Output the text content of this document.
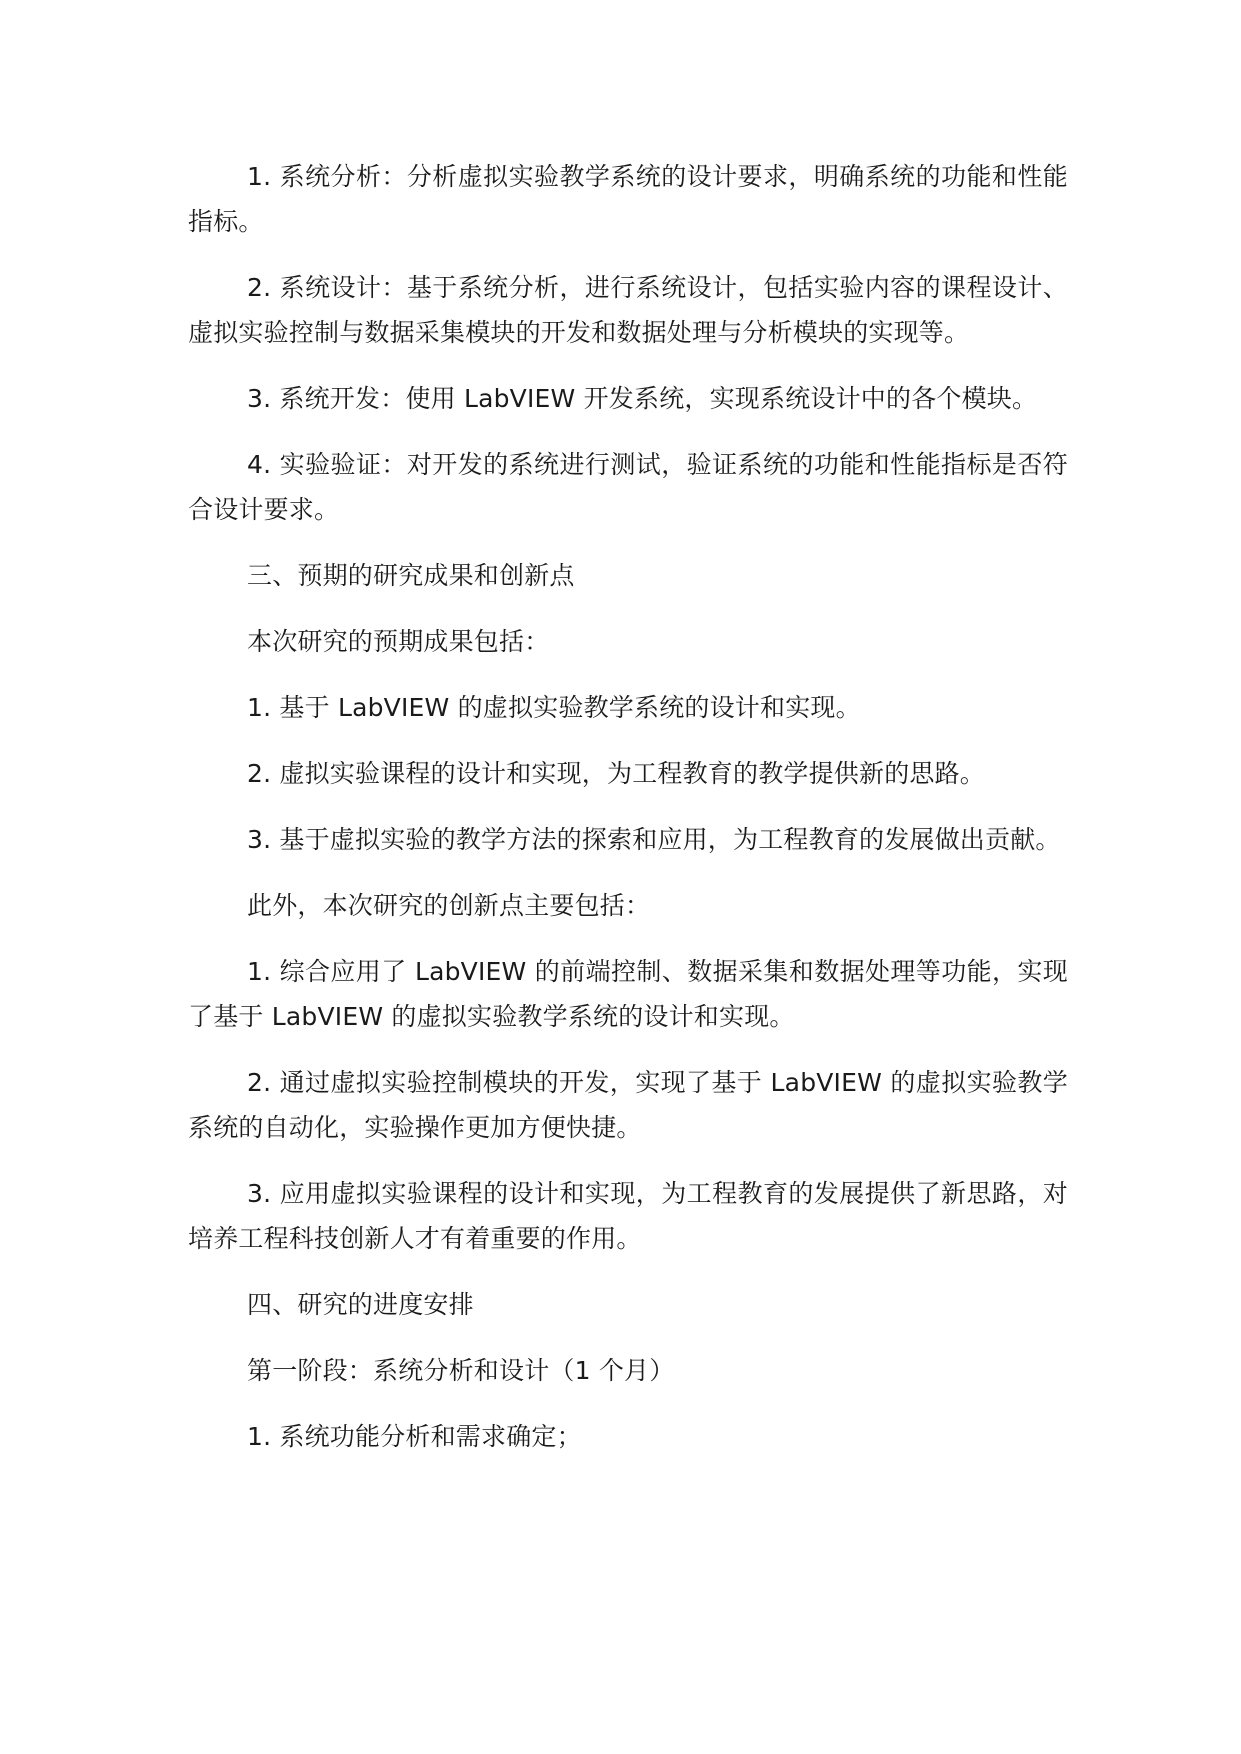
1. 系统分析：分析虚拟实验教学系统的设计要求，明确系统的功能和性能指标。

2. 系统设计：基于系统分析，进行系统设计，包括实验内容的课程设计、虚拟实验控制与数据采集模块的开发和数据处理与分析模块的实现等。

3. 系统开发：使用 LabVIEW 开发系统，实现系统设计中的各个模块。

4. 实验验证：对开发的系统进行测试，验证系统的功能和性能指标是否符合设计要求。

三、预期的研究成果和创新点

本次研究的预期成果包括：

1. 基于 LabVIEW 的虚拟实验教学系统的设计和实现。

2. 虚拟实验课程的设计和实现，为工程教育的教学提供新的思路。

3. 基于虚拟实验的教学方法的探索和应用，为工程教育的发展做出贡献。

此外，本次研究的创新点主要包括：

1. 综合应用了 LabVIEW 的前端控制、数据采集和数据处理等功能，实现了基于 LabVIEW 的虚拟实验教学系统的设计和实现。

2. 通过虚拟实验控制模块的开发，实现了基于 LabVIEW 的虚拟实验教学系统的自动化，实验操作更加方便快捷。

3. 应用虚拟实验课程的设计和实现，为工程教育的发展提供了新思路，对培养工程科技创新人才有着重要的作用。

四、研究的进度安排

第一阶段：系统分析和设计（1 个月）

1. 系统功能分析和需求确定；
